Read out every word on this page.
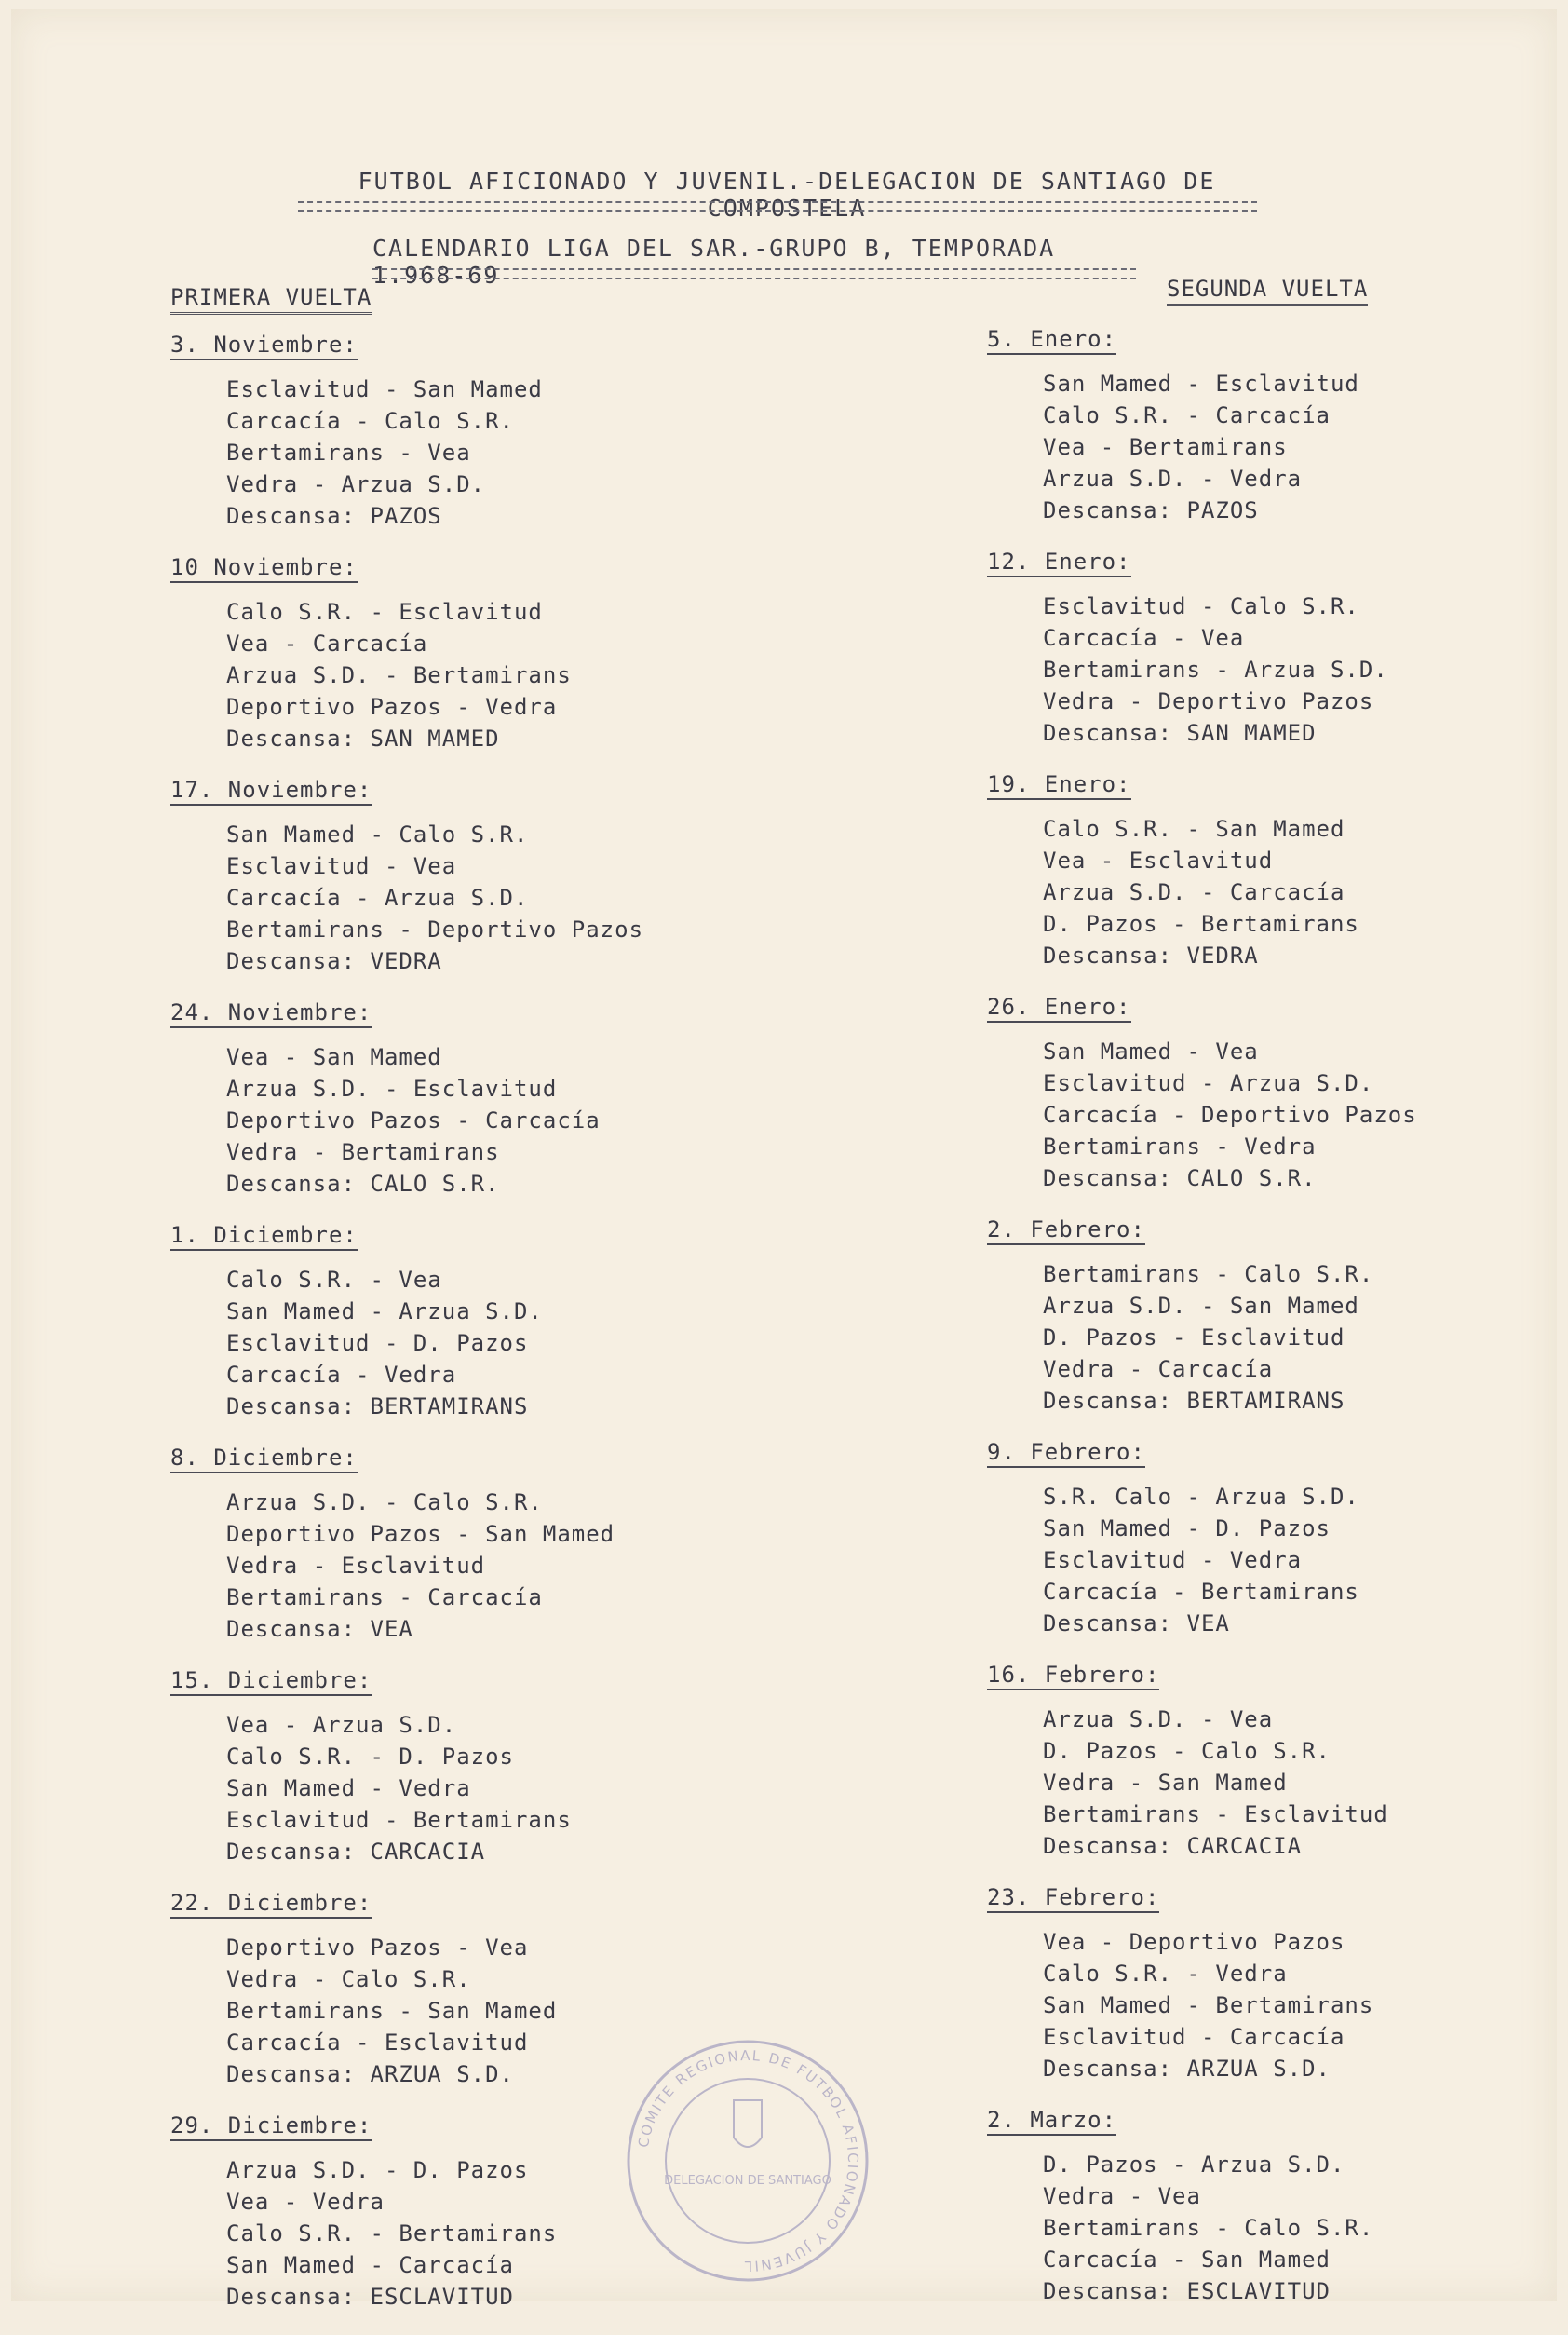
FUTBOL AFICIONADO Y JUVENIL.-DELEGACION DE SANTIAGO DE COMPOSTELA
CALENDARIO LIGA DEL SAR.-GRUPO B, TEMPORADA 1.968-69
PRIMERA VUELTA	SEGUNDA VUELTA
3. Noviembre:
Esclavitud - San Mamed
Carcacía - Calo S.R.
Bertamirans - Vea
Vedra - Arzua S.D.
Descansa: PAZOS
10 Noviembre:
Calo S.R. - Esclavitud
Vea - Carcacía
Arzua S.D. - Bertamirans
Deportivo Pazos - Vedra
Descansa: SAN MAMED
17. Noviembre:
San Mamed - Calo S.R.
Esclavitud - Vea
Carcacía - Arzua S.D.
Bertamirans - Deportivo Pazos
Descansa: VEDRA
24. Noviembre:
Vea - San Mamed
Arzua S.D. - Esclavitud
Deportivo Pazos - Carcacía
Vedra - Bertamirans
Descansa: CALO S.R.
1. Diciembre:
Calo S.R. - Vea
San Mamed - Arzua S.D.
Esclavitud - D. Pazos
Carcacía - Vedra
Descansa: BERTAMIRANS
8. Diciembre:
Arzua S.D. - Calo S.R.
Deportivo Pazos - San Mamed
Vedra - Esclavitud
Bertamirans - Carcacía
Descansa: VEA
15. Diciembre:
Vea - Arzua S.D.
Calo S.R. - D. Pazos
San Mamed - Vedra
Esclavitud - Bertamirans
Descansa: CARCACIA
22. Diciembre:
Deportivo Pazos - Vea
Vedra - Calo S.R.
Bertamirans - San Mamed
Carcacía - Esclavitud
Descansa: ARZUA S.D.
29. Diciembre:
Arzua S.D. - D. Pazos
Vea - Vedra
Calo S.R. - Bertamirans
San Mamed - Carcacía
Descansa: ESCLAVITUD
5. Enero:
San Mamed - Esclavitud
Calo S.R. - Carcacía
Vea - Bertamirans
Arzua S.D. - Vedra
Descansa: PAZOS
12. Enero:
Esclavitud - Calo S.R.
Carcacía - Vea
Bertamirans - Arzua S.D.
Vedra - Deportivo Pazos
Descansa: SAN MAMED
19. Enero:
Calo S.R. - San Mamed
Vea - Esclavitud
Arzua S.D. - Carcacía
D. Pazos - Bertamirans
Descansa: VEDRA
26. Enero:
San Mamed - Vea
Esclavitud - Arzua S.D.
Carcacía - Deportivo Pazos
Bertamirans - Vedra
Descansa: CALO S.R.
2. Febrero:
Bertamirans - Calo S.R.
Arzua S.D. - San Mamed
D. Pazos - Esclavitud
Vedra - Carcacía
Descansa: BERTAMIRANS
9. Febrero:
S.R. Calo - Arzua S.D.
San Mamed - D. Pazos
Esclavitud - Vedra
Carcacía - Bertamirans
Descansa: VEA
16. Febrero:
Arzua S.D. - Vea
D. Pazos - Calo S.R.
Vedra - San Mamed
Bertamirans - Esclavitud
Descansa: CARCACIA
23. Febrero:
Vea - Deportivo Pazos
Calo S.R. - Vedra
San Mamed - Bertamirans
Esclavitud - Carcacía
Descansa: ARZUA S.D.
2. Marzo:
D. Pazos - Arzua S.D.
Vedra - Vea
Bertamirans - Calo S.R.
Carcacía - San Mamed
Descansa: ESCLAVITUD
COMITE REGIONAL DE FUTBOL AFICIONADO Y JUVENIL
DELEGACION DE SANTIAGO
